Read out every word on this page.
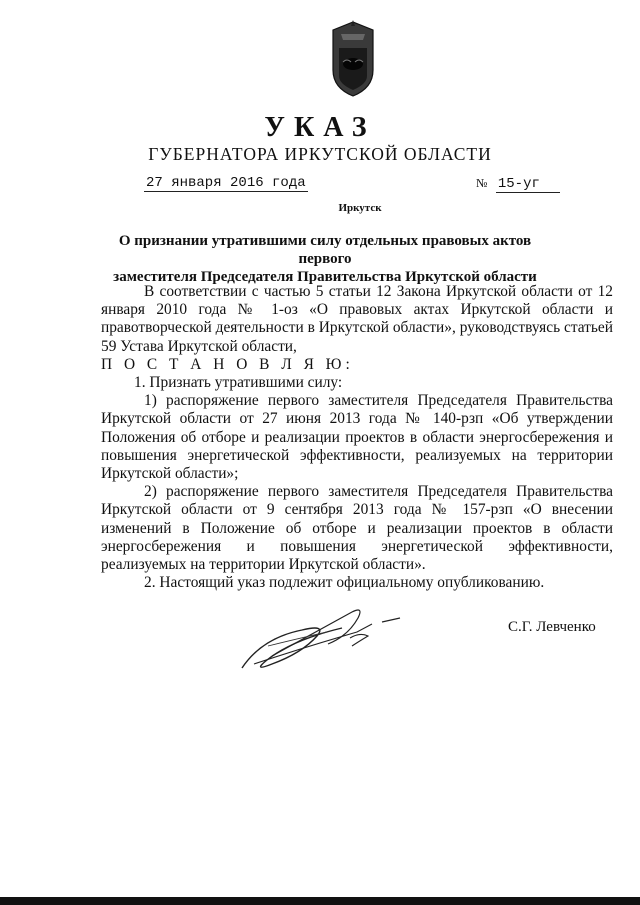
УКАЗ
ГУБЕРНАТОРА ИРКУТСКОЙ ОБЛАСТИ
27 января 2016 года	№ 15-уг
Иркутск
О признании утратившими силу отдельных правовых актов первого
заместителя Председателя Правительства Иркутской области

В соответствии с частью 5 статьи 12 Закона Иркутской области от 12 января 2010 года № 1-оз «О правовых актах Иркутской области и правотворческой деятельности в Иркутской области», руководствуясь статьей 59 Устава Иркутской области,

П О С Т А Н О В Л Я Ю:

1. Признать утратившими силу:

1) распоряжение первого заместителя Председателя Правительства Иркутской области от 27 июня 2013 года № 140-рзп «Об утверждении Положения об отборе и реализации проектов в области энергосбережения и повышения энергетической эффективности, реализуемых на территории Иркутской области»;

2) распоряжение первого заместителя Председателя Правительства Иркутской области от 9 сентября 2013 года № 157-рзп «О внесении изменений в Положение об отборе и реализации проектов в области энергосбережения и повышения энергетической эффективности, реализуемых на территории Иркутской области».

2. Настоящий указ подлежит официальному опубликованию.

С.Г. Левченко
